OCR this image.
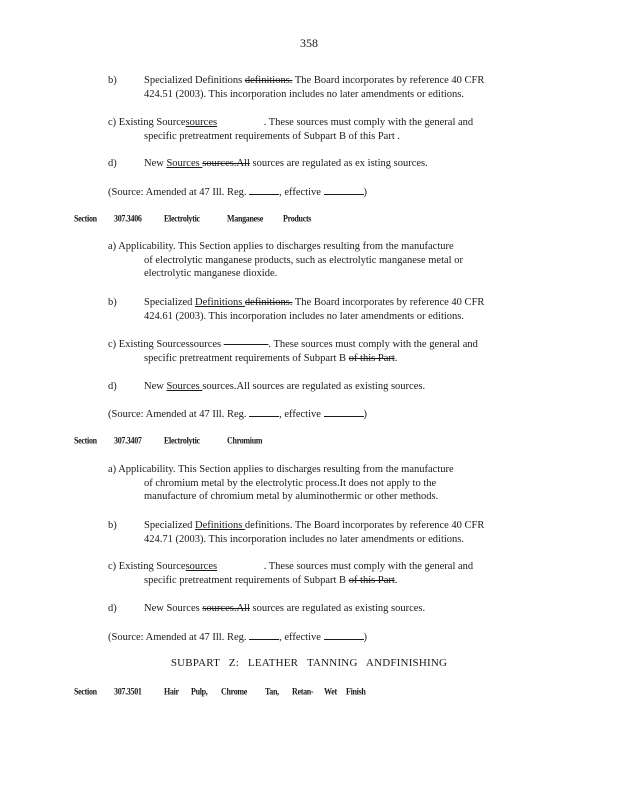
358
b)	Specialized Definitions definitions. The Board incorporates by reference 40 CFR
424.51 (2003). This incorporation includes no later amendments or editions.
c) Existing Sourcesources	. These sources must comply with the general and
specific pretreatment requirements of Subpart B of this Part .
d)	New Sources sources.All sources are regulated as ex isting sources.
(Source: Amended at 47 Ill. Reg.	, effective	)
Section 307.3406	Electrolytic	Manganese	Products
a) Applicability. This Section applies to discharges resulting from the manufacture
of electrolytic manganese products, such as electrolytic manganese metal or
electrolytic manganese dioxide.
b)	Specialized Definitions definitions. The Board incorporates by reference 40 CFR
424.61 (2003). This incorporation includes no later amendments or editions.
c) Existing Sourcessources	. These sources must comply with the general and
specific pretreatment requirements of Subpart B of this Part.
d)	New Sources sources.All sources are regulated as existing sources.
(Source: Amended at 47 Ill. Reg.	, effective	)
Section 307.3407	Electrolytic	Chromium
a) Applicability. This Section applies to discharges resulting from the manufacture
of chromium metal by the electrolytic process.It does not apply to the
manufacture of chromium metal by aluminothermic or other methods.
b)	Specialized Definitions definitions. The Board incorporates by reference 40 CFR
424.71 (2003). This incorporation includes no later amendments or editions.
c) Existing Sourcesources	. These sources must comply with the general and
specific pretreatment requirements of Subpart B of this Part.
d)	New Sources sources.All sources are regulated as existing sources.
(Source: Amended at 47 Ill. Reg.	, effective	)
SUBPART Z: LEATHER TANNING ANDFINISHING
Section 307.3501	Hair Pulp, Chrome Tan, Retan- Wet Finish
